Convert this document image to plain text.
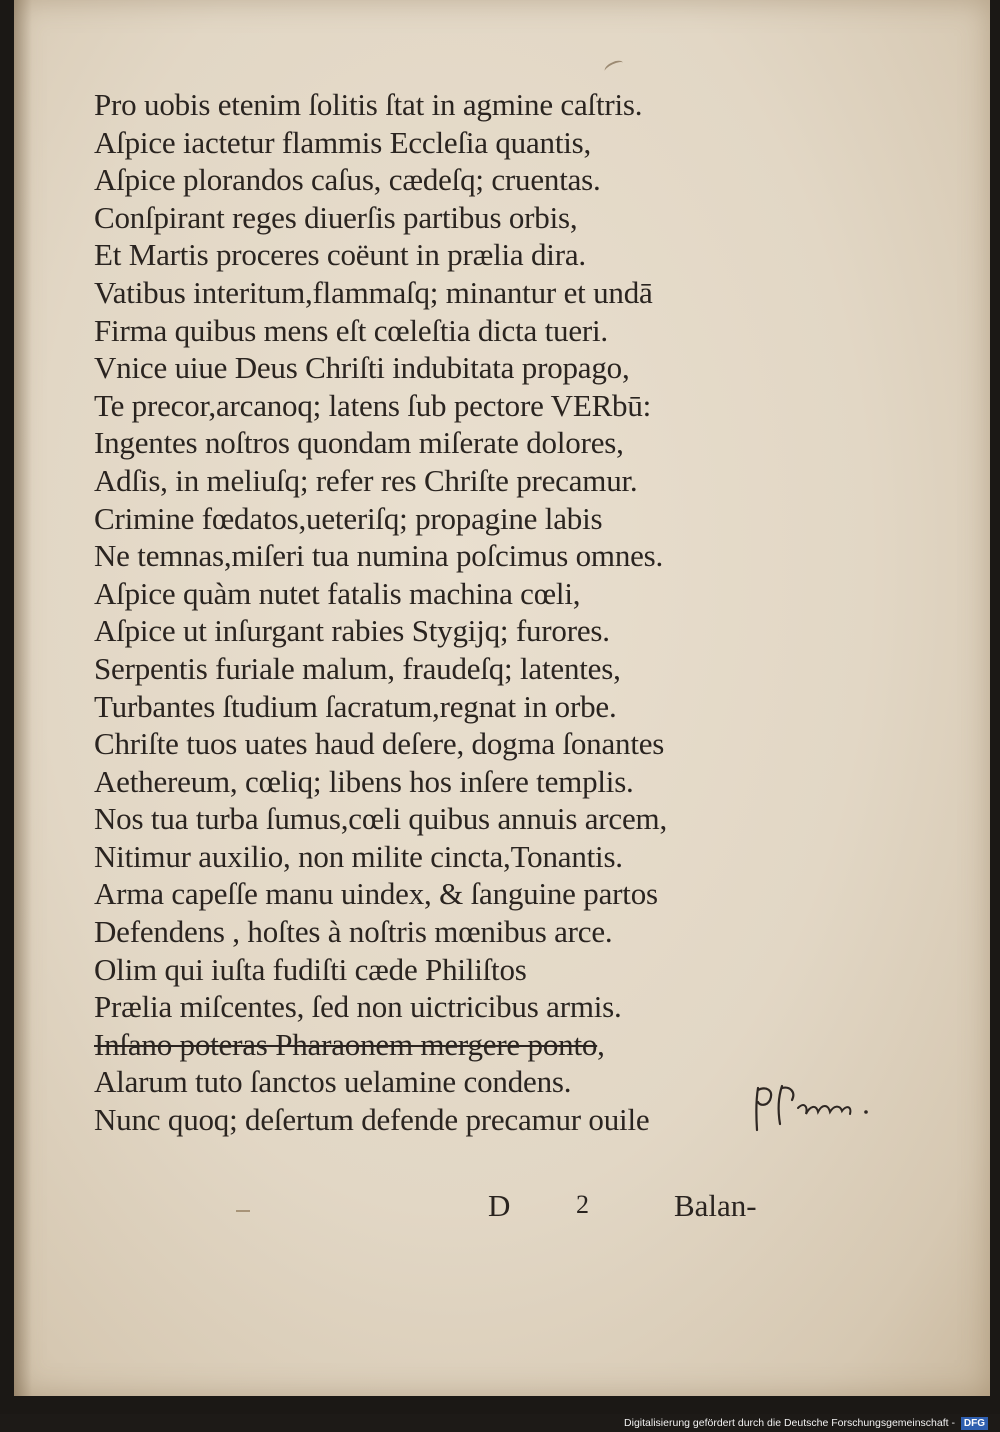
Pro uobis etenim ſolitis ſtat in agmine caſtris.
Aſpice iactetur flammis Eccleſia quantis,
Aſpice plorandos caſus, cædeſq; cruentas.
Conſpirant reges diuerſis partibus orbis,
Et Martis proceres coëunt in prælia dira.
Vatibus interitum,flammaſq; minantur et undā
Firma quibus mens eſt cœleſtia dicta tueri.
Vnice uiue Deus Chriſti indubitata propago,
Te precor,arcanoq; latens ſub pectore VERbū:
Ingentes noſtros quondam miſerate dolores,
Adſis, in meliuſq; refer res Chriſte precamur.
Crimine fœdatos,ueteriſq; propagine labis
Ne temnas,miſeri tua numina poſcimus omnes.
Aſpice quàm nutet fatalis machina cœli,
Aſpice ut inſurgant rabies Stygijq; furores.
Serpentis furiale malum, fraudeſq; latentes,
Turbantes ſtudium ſacratum,regnat in orbe.
Chriſte tuos uates haud deſere, dogma ſonantes
Aethereum, cœliq; libens hos inſere templis.
Nos tua turba ſumus,cœli quibus annuis arcem,
Nitimur auxilio, non milite cincta,Tonantis.
Arma capeſſe manu uindex, & ſanguine partos
Defendens , hoſtes à noſtris mœnibus arce.
Olim qui iuſta fudiſti cæde Philiſtos
Prælia miſcentes, ſed non uictricibus armis.
Inſano poteras Pharaonem mergere ponto,
Alarum tuto ſanctos uelamine condens.
Nunc quoq; deſertum defende precamur ouile
D	2	Balan-
Digitalisierung gefördert durch die Deutsche Forschungsgemeinschaft - DFG
